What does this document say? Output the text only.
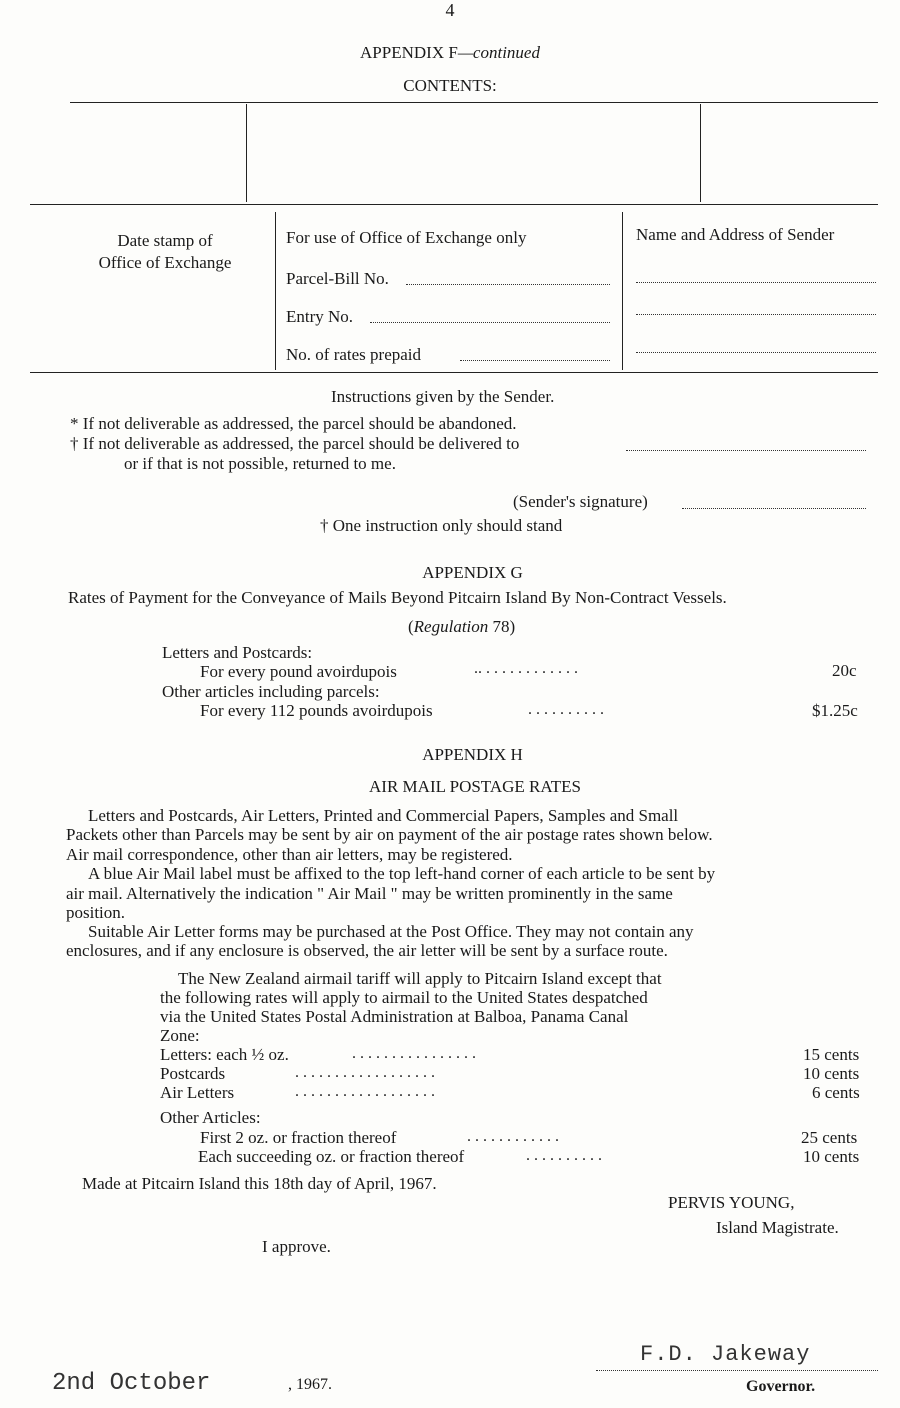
4
APPENDIX F—continued
CONTENTS:
Date stamp of
Office of Exchange
For use of Office of Exchange only
Parcel-Bill No.
Entry No.
No. of rates prepaid
Name and Address of Sender
Instructions given by the Sender.
* If not deliverable as addressed, the parcel should be abandoned.
† If not deliverable as addressed, the parcel should be delivered to
or if that is not possible, returned to me.
(Sender's signature)
† One instruction only should stand
APPENDIX G
Rates of Payment for the Conveyance of Mails Beyond Pitcairn Island By Non-Contract Vessels.
(Regulation 78)
Letters and Postcards:
For every pound avoirdupois	.. . . . . . . . . . . . .	20c
Other articles including parcels:
For every 112 pounds avoirdupois	. . . . . . . . . .	$1.25c
APPENDIX H
AIR MAIL POSTAGE RATES
Letters and Postcards, Air Letters, Printed and Commercial Papers, Samples and Small
Packets other than Parcels may be sent by air on payment of the air postage rates shown below.
Air mail correspondence, other than air letters, may be registered.
A blue Air Mail label must be affixed to the top left-hand corner of each article to be sent by
air mail. Alternatively the indication " Air Mail " may be written prominently in the same
position.
Suitable Air Letter forms may be purchased at the Post Office. They may not contain any
enclosures, and if any enclosure is observed, the air letter will be sent by a surface route.
The New Zealand airmail tariff will apply to Pitcairn Island except that
the following rates will apply to airmail to the United States despatched
via the United States Postal Administration at Balboa, Panama Canal
Zone:
Letters: each ½ oz.	. . . . . . . . . . . . . . . .	15 cents
Postcards	. . . . . . . . . . . . . . . . . .	10 cents
Air Letters	. . . . . . . . . . . . . . . . . .	6 cents
Other Articles:
First 2 oz. or fraction thereof	. . . . . . . . . . . .	25 cents
Each succeeding oz. or fraction thereof	. . . . . . . . . .	10 cents
Made at Pitcairn Island this 18th day of April, 1967.
PERVIS YOUNG,
Island Magistrate.
I approve.
2nd October	, 1967.
F.D. Jakeway
Governor.
